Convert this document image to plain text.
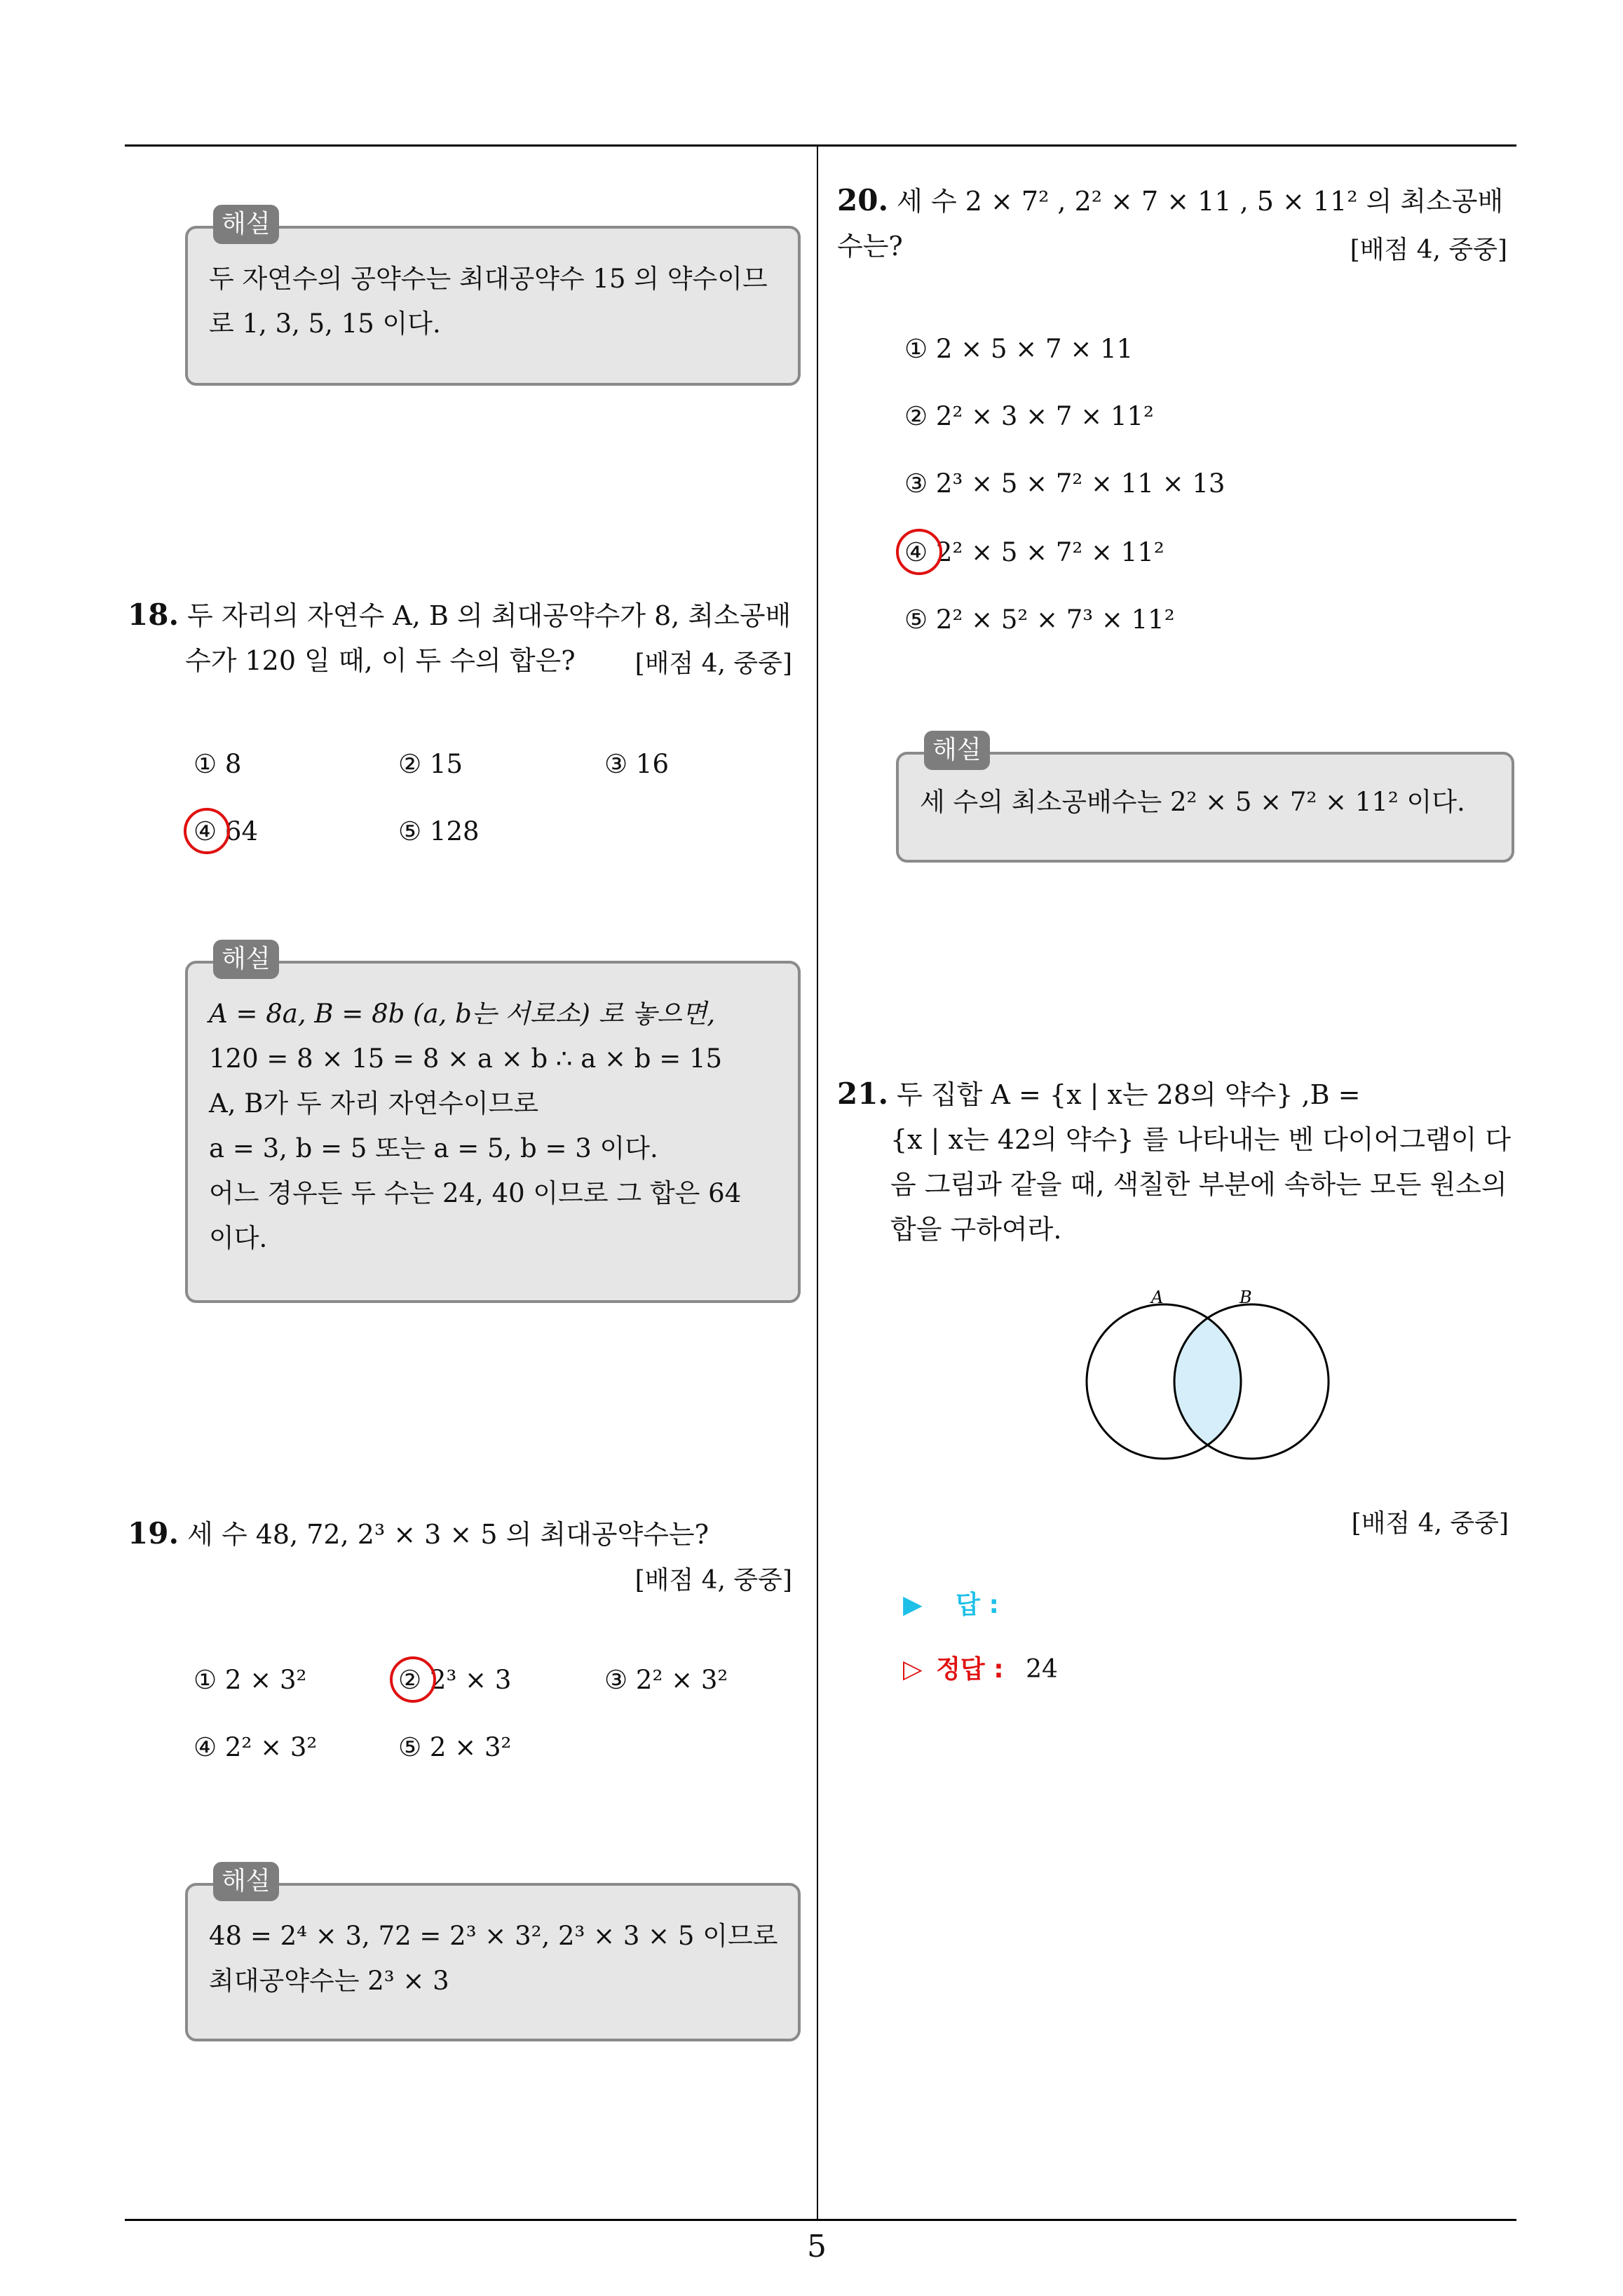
5
해설
두 자연수의 공약수는 최대공약수 15 의 약수이므
로 1, 3, 5, 15 이다.
18. 두 자리의 자연수 A, B 의 최대공약수가 8, 최소공배
수가 120 일 때, 이 두 수의 합은?	[배점 4, 중중]
① 8	② 15	③ 16
④ 64	⑤ 128
해설
A = 8a, B = 8b (a, b는 서로소) 로 놓으면,
120 = 8 × 15 = 8 × a × b ∴ a × b = 15
A, B가 두 자리 자연수이므로
a = 3, b = 5 또는 a = 5, b = 3 이다.
어느 경우든 두 수는 24, 40 이므로 그 합은 64
이다.
19. 세 수 48, 72, 2³ × 3 × 5 의 최대공약수는?
[배점 4, 중중]
① 2 × 3²	② 2³ × 3	③ 2² × 3²
④ 2² × 3²	⑤ 2 × 3²
해설
48 = 2⁴ × 3, 72 = 2³ × 3², 2³ × 3 × 5 이므로
최대공약수는 2³ × 3
20. 세 수 2 × 7² , 2² × 7 × 11 , 5 × 11² 의 최소공배수는?	[배점 4, 중중]
① 2 × 5 × 7 × 11
② 2² × 3 × 7 × 11²
③ 2³ × 5 × 7² × 11 × 13
④ 2² × 5 × 7² × 11²
⑤ 2² × 5² × 7³ × 11²
해설
세 수의 최소공배수는 2² × 5 × 7² × 11² 이다.
21. 두 집합 A = {x | x는 28의 약수} ,B =
{x | x는 42의 약수} 를 나타내는 벤 다이어그램이 다
음 그림과 같을 때, 색칠한 부분에 속하는 모든 원소의
합을 구하여라.
A	B
[배점 4, 중중]
▶ 답 :
▷ 정답 : 24
